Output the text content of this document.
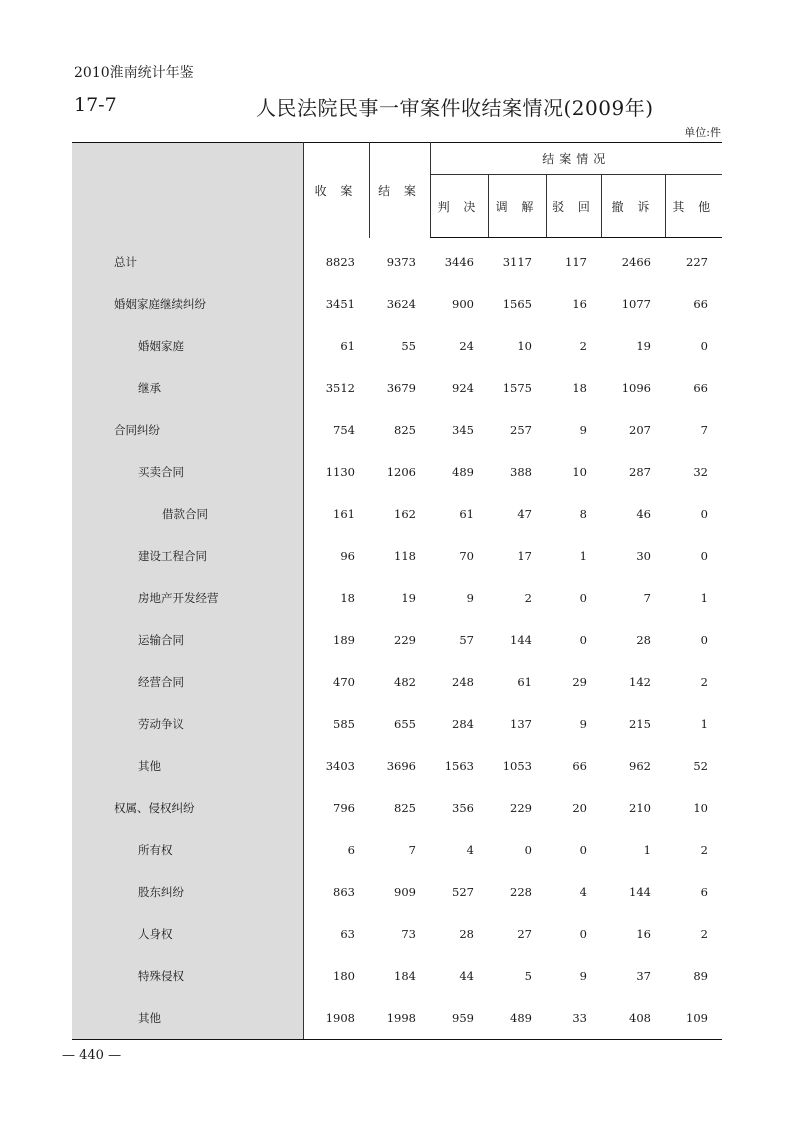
2010淮南统计年鉴
17-7	人民法院民事一审案件收结案情况(2009年)
单位:件
	收 案	结 案	结案情况				
			判 决	调 解	驳 回	撤 诉	其 他
总计	8823	9373	3446	3117	117	2466	227
婚姻家庭继续纠纷	3451	3624	900	1565	16	1077	66
婚姻家庭	61	55	24	10	2	19	0
继承	3512	3679	924	1575	18	1096	66
合同纠纷	754	825	345	257	9	207	7
买卖合同	1130	1206	489	388	10	287	32
借款合同	161	162	61	47	8	46	0
建设工程合同	96	118	70	17	1	30	0
房地产开发经营	18	19	9	2	0	7	1
运输合同	189	229	57	144	0	28	0
经营合同	470	482	248	61	29	142	2
劳动争议	585	655	284	137	9	215	1
其他	3403	3696	1563	1053	66	962	52
权属、侵权纠纷	796	825	356	229	20	210	10
所有权	6	7	4	0	0	1	2
股东纠纷	863	909	527	228	4	144	6
人身权	63	73	28	27	0	16	2
特殊侵权	180	184	44	5	9	37	89
其他	1908	1998	959	489	33	408	109
— 440 —
